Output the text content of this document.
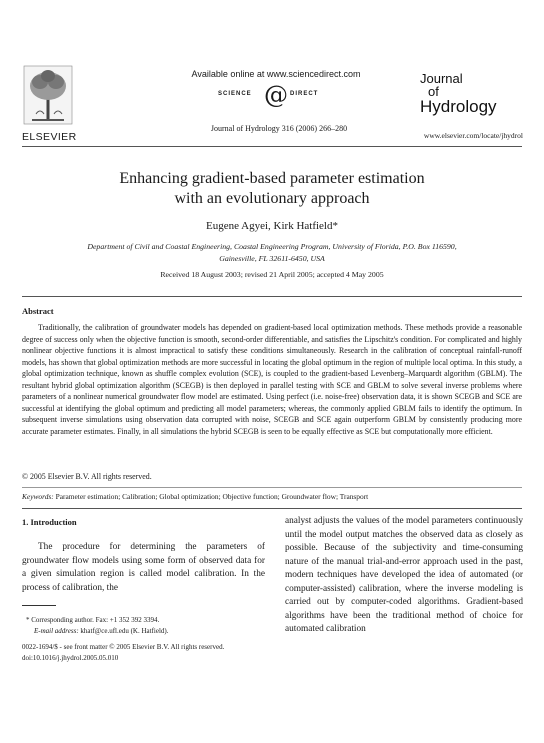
ELSEVIER
Available online at www.sciencedirect.com
SCIENCE @ DIRECT
Journal of Hydrology 316 (2006) 266–280
Journal
of
Hydrology
www.elsevier.com/locate/jhydrol
Enhancing gradient-based parameter estimation
with an evolutionary approach
Eugene Agyei, Kirk Hatfield*
Department of Civil and Coastal Engineering, Coastal Engineering Program, University of Florida, P.O. Box 116590,
Gainesville, FL 32611-6450, USA
Received 18 August 2003; revised 21 April 2005; accepted 4 May 2005
Abstract
Traditionally, the calibration of groundwater models has depended on gradient-based local optimization methods. These methods provide a reasonable degree of success only when the objective function is smooth, second-order differentiable, and satisfies the Lipschitz's condition. For complicated and highly nonlinear objective functions it is almost impractical to satisfy these conditions simultaneously. Research in the calibration of conceptual rainfall-runoff models, has shown that global optimization methods are more successful in locating the global optimum in the region of multiple local optima. In this study, a global optimization technique, known as shuffle complex evolution (SCE), is coupled to the gradient-based Levenberg–Marquardt algorithm (GBLM). The resultant hybrid global optimization algorithm (SCEGB) is then deployed in parallel testing with SCE and GBLM to solve several inverse problems where parameters of a nonlinear numerical groundwater flow model are estimated. Using perfect (i.e. noise-free) observation data, it is shown SCEGB and SCE are successful at identifying the global optimum and predicting all model parameters; whereas, the commonly applied GBLM fails to identify the optimum. In subsequent inverse simulations using observation data corrupted with noise, SCEGB and SCE again outperform GBLM by consistently producing more accurate parameter estimates. Finally, in all simulations the hybrid SCEGB is seen to be equally effective as SCE but computationally more efficient.
© 2005 Elsevier B.V. All rights reserved.
Keywords: Parameter estimation; Calibration; Global optimization; Objective function; Groundwater flow; Transport
1. Introduction
The procedure for determining the parameters of groundwater flow models using some form of observed data for a given simulation region is called model calibration. In the process of calibration, the
analyst adjusts the values of the model parameters continuously until the model output matches the observed data as closely as possible. Because of the subjectivity and time-consuming nature of the manual trial-and-error approach used in the past, modern techniques have developed the idea of automated (or computer-assisted) calibration, where the inverse modeling is carried out by computer-coded algorithms. Gradient-based algorithms have been the traditional method of choice for automated calibration
* Corresponding author. Fax: +1 352 392 3394.
E-mail address: khatf@ce.ufl.edu (K. Hatfield).
0022-1694/$ - see front matter © 2005 Elsevier B.V. All rights reserved.
doi:10.1016/j.jhydrol.2005.05.010
